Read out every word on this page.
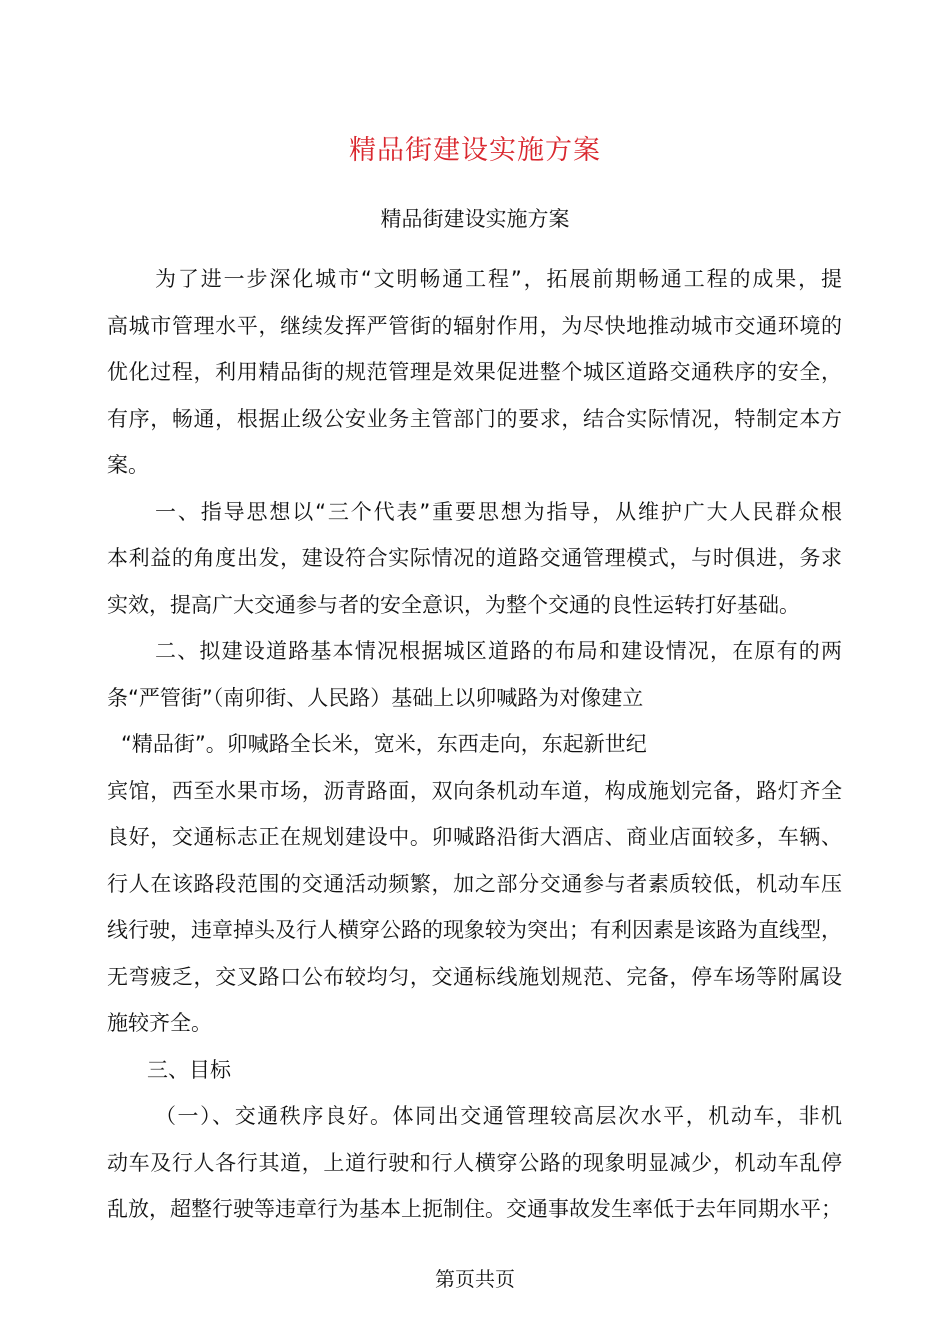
精品街建设实施方案
精品街建设实施方案
为了进一步深化城市“文明畅通工程”，拓展前期畅通工程的成果，提
高城市管理水平，继续发挥严管街的辐射作用，为尽快地推动城市交通环境的
优化过程，利用精品街的规范管理是效果促进整个城区道路交通秩序的安全，
有序，畅通，根据止级公安业务主管部门的要求，结合实际情况，特制定本方
案。
一、指导思想以“三个代表”重要思想为指导，从维护广大人民群众根
本利益的角度出发，建设符合实际情况的道路交通管理模式，与时俱进，务求
实效，提高广大交通参与者的安全意识，为整个交通的良性运转打好基础。
二、拟建设道路基本情况根据城区道路的布局和建设情况，在原有的两
条“严管街”（南卯街、人民路）基础上以卯喊路为对像建立
“精品街”。卯喊路全长米，宽米，东西走向，东起新世纪
宾馆，西至水果市场，沥青路面，双向条机动车道，构成施划完备，路灯齐全
良好，交通标志正在规划建设中。卯喊路沿街大酒店、商业店面较多，车辆、
行人在该路段范围的交通活动频繁，加之部分交通参与者素质较低，机动车压
线行驶，违章掉头及行人横穿公路的现象较为突出；有利因素是该路为直线型，
无弯疲乏，交叉路口公布较均匀，交通标线施划规范、完备，停车场等附属设
施较齐全。
三、目标
（一）、交通秩序良好。体同出交通管理较高层次水平，机动车，非机
动车及行人各行其道，上道行驶和行人横穿公路的现象明显减少，机动车乱停
乱放，超整行驶等违章行为基本上扼制住。交通事故发生率低于去年同期水平；
第页共页
